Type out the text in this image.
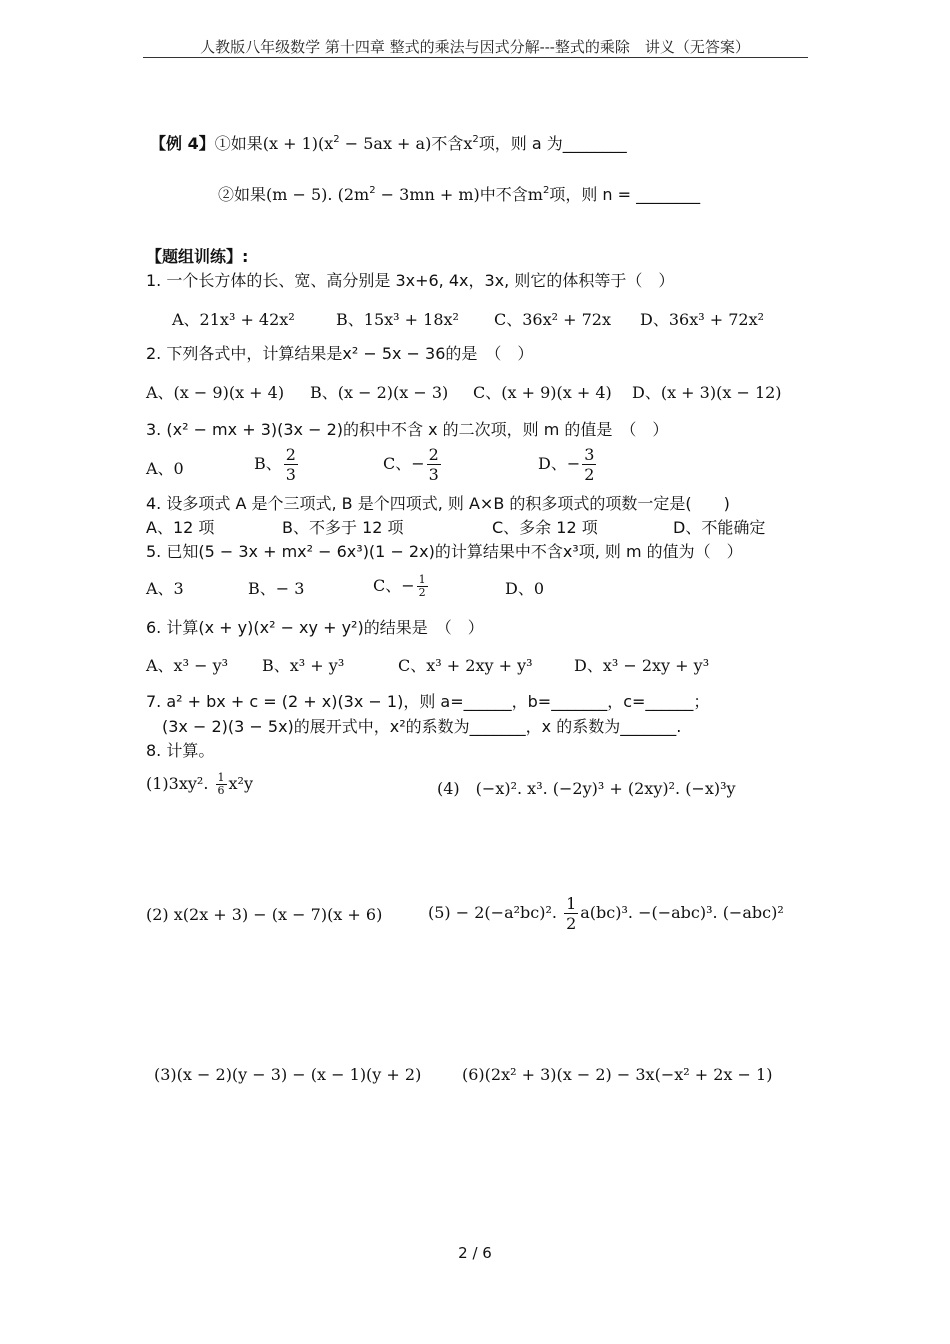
人教版八年级数学 第十四章 整式的乘法与因式分解---整式的乘除　讲义（无答案）
【例 4】①如果$(x + 1)(x^2 - 5ax + a)$不含$x^2$项，则 a 为________
②如果(m − 5). $(2m^2 - 3mn + m)$中不含$m^2$项，则 n = ________
【题组训练】:
1. 一个长方体的长、宽、高分别是 3x+6, 4x，3x, 则它的体积等于（　）
A、21x³ + 42x²	B、15x³ + 18x² C、36x² + 72x D、36x³ + 72x²
2. 下列各式中，计算结果是x² − 5x − 36的是　（　）
A、(x − 9)(x + 4) B、(x − 2)(x − 3) C、(x + 9)(x + 4) D、(x + 3)(x − 12)
3. (x² − mx + 3)(3x − 2)的积中不含 x 的二次项，则 m 的值是　（　）
A、0	B、 $\frac{2}{3}$	C、− $\frac{2}{3}$	D、− $\frac{3}{2}$
4. 设多项式 A 是个三项式, B 是个四项式, 则 A×B 的积多项式的项数一定是(　　)
A、12 项	B、不多于 12 项	C、多余 12 项	D、不能确定
5. 已知(5 − 3x + mx² − 6x³)(1 − 2x)的计算结果中不含x³项, 则 m 的值为（　）
A、3	B、− 3	C、− $\frac{1}{2}$	D、0
6. 计算(x + y)(x² − xy + y²)的结果是　（　）
A、x³ − y³ B、x³ + y³	C、x³ + 2xy + y³	D、x³ − 2xy + y³
7. a² + bx + c = (2 + x)(3x − 1)，则 a=______，b=_______，c=______；
(3x − 2)(3 − 5x)的展开式中，x²的系数为_______，x 的系数为_______.
8. 计算。
(1)3xy². $\frac{1}{6} x^2y$	(4)　(−x)². x³. (−2y)³ + (2xy)². (−x)³y
(2) x(2x + 3) − (x − 7)(x + 6)	(5) − 2(−a²bc)². $\frac{1}{2} a(bc)^3$. −(−abc)³. (−abc)²
(3)(x − 2)(y − 3) − (x − 1)(y + 2)	(6)(2x² + 3)(x − 2) − 3x(−x² + 2x − 1)
2 / 6
